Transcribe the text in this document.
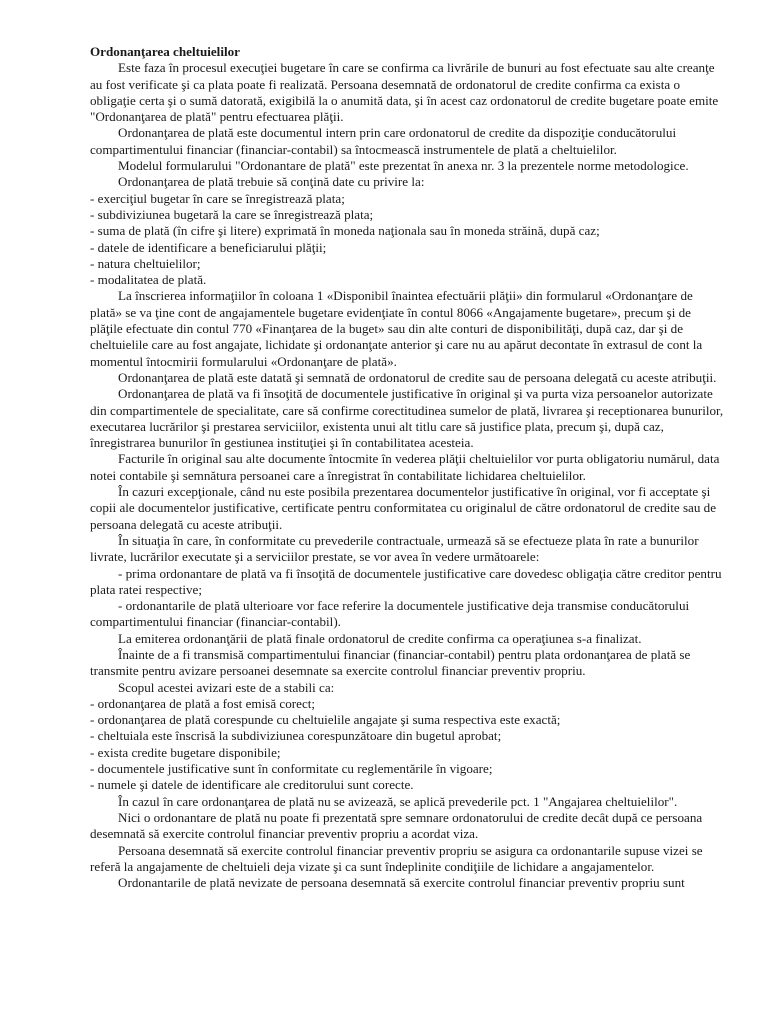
Ordonanţarea cheltuielilor

Este faza în procesul execuţiei bugetare în care se confirma ca livrările de bunuri au fost efectuate sau alte creanţe au fost verificate şi ca plata poate fi realizată. Persoana desemnată de ordonatorul de credite confirma ca exista o obligaţie certa şi o sumă datorată, exigibilă la o anumită data, şi în acest caz ordonatorul de credite bugetare poate emite "Ordonanţarea de plată" pentru efectuarea plăţii.

Ordonanţarea de plată este documentul intern prin care ordonatorul de credite da dispoziţie conducătorului compartimentului financiar (financiar-contabil) sa întocmească instrumentele de plată a cheltuielilor.

Modelul formularului "Ordonantare de plată" este prezentat în anexa nr. 3 la prezentele norme metodologice.

Ordonanţarea de plată trebuie să conţină date cu privire la:

- exerciţiul bugetar în care se înregistrează plata;

- subdiviziunea bugetară la care se înregistrează plata;

- suma de plată (în cifre şi litere) exprimată în moneda naţionala sau în moneda străină, după caz;

- datele de identificare a beneficiarului plăţii;

- natura cheltuielilor;

- modalitatea de plată.

La înscrierea informaţiilor în coloana 1 «Disponibil înaintea efectuării plăţii» din formularul «Ordonanţare de plată» se va ţine cont de angajamentele bugetare evidenţiate în contul 8066 «Angajamente bugetare», precum şi de plăţile efectuate din contul 770 «Finanţarea de la buget» sau din alte conturi de disponibilităţi, după caz, dar şi de cheltuielile care au fost angajate, lichidate şi ordonanţate anterior şi care nu au apărut decontate în extrasul de cont la momentul întocmirii formularului «Ordonanţare de plată».

Ordonanţarea de plată este datată şi semnată de ordonatorul de credite sau de persoana delegată cu aceste atribuţii.

Ordonanţarea de plată va fi însoţită de documentele justificative în original şi va purta viza persoanelor autorizate din compartimentele de specialitate, care să confirme corectitudinea sumelor de plată, livrarea şi receptionarea bunurilor, executarea lucrărilor şi prestarea serviciilor, existenta unui alt titlu care să justifice plata, precum şi, după caz, înregistrarea bunurilor în gestiunea instituţiei şi în contabilitatea acesteia.

Facturile în original sau alte documente întocmite în vederea plăţii cheltuielilor vor purta obligatoriu numărul, data notei contabile şi semnătura persoanei care a înregistrat în contabilitate lichidarea cheltuielilor.

În cazuri excepţionale, când nu este posibila prezentarea documentelor justificative în original, vor fi acceptate şi copii ale documentelor justificative, certificate pentru conformitatea cu originalul de către ordonatorul de credite sau de persoana delegată cu aceste atribuţii.

În situaţia în care, în conformitate cu prevederile contractuale, urmează să se efectueze plata în rate a bunurilor livrate, lucrărilor executate şi a serviciilor prestate, se vor avea în vedere următoarele:

- prima ordonantare de plată va fi însoţită de documentele justificative care dovedesc obligaţia către creditor pentru plata ratei respective;

- ordonantarile de plată ulterioare vor face referire la documentele justificative deja transmise conducătorului compartimentului financiar (financiar-contabil).

La emiterea ordonanţării de plată finale ordonatorul de credite confirma ca operaţiunea s-a finalizat.

Înainte de a fi transmisă compartimentului financiar (financiar-contabil) pentru plata ordonanţarea de plată se transmite pentru avizare persoanei desemnate sa exercite controlul financiar preventiv propriu.

Scopul acestei avizari este de a stabili ca:

- ordonanţarea de plată a fost emisă corect;

- ordonanţarea de plată corespunde cu cheltuielile angajate şi suma respectiva este exactă;

- cheltuiala este înscrisă la subdiviziunea corespunzătoare din bugetul aprobat;

- exista credite bugetare disponibile;

- documentele justificative sunt în conformitate cu reglementările în vigoare;

- numele şi datele de identificare ale creditorului sunt corecte.

În cazul în care ordonanţarea de plată nu se avizează, se aplică prevederile pct. 1 "Angajarea cheltuielilor".

Nici o ordonantare de plată nu poate fi prezentată spre semnare ordonatorului de credite decât după ce persoana desemnată să exercite controlul financiar preventiv propriu a acordat viza.

Persoana desemnată să exercite controlul financiar preventiv propriu se asigura ca ordonantarile supuse vizei se referă la angajamente de cheltuieli deja vizate şi ca sunt îndeplinite condiţiile de lichidare a angajamentelor.

Ordonantarile de plată nevizate de persoana desemnată să exercite controlul financiar preventiv propriu sunt
